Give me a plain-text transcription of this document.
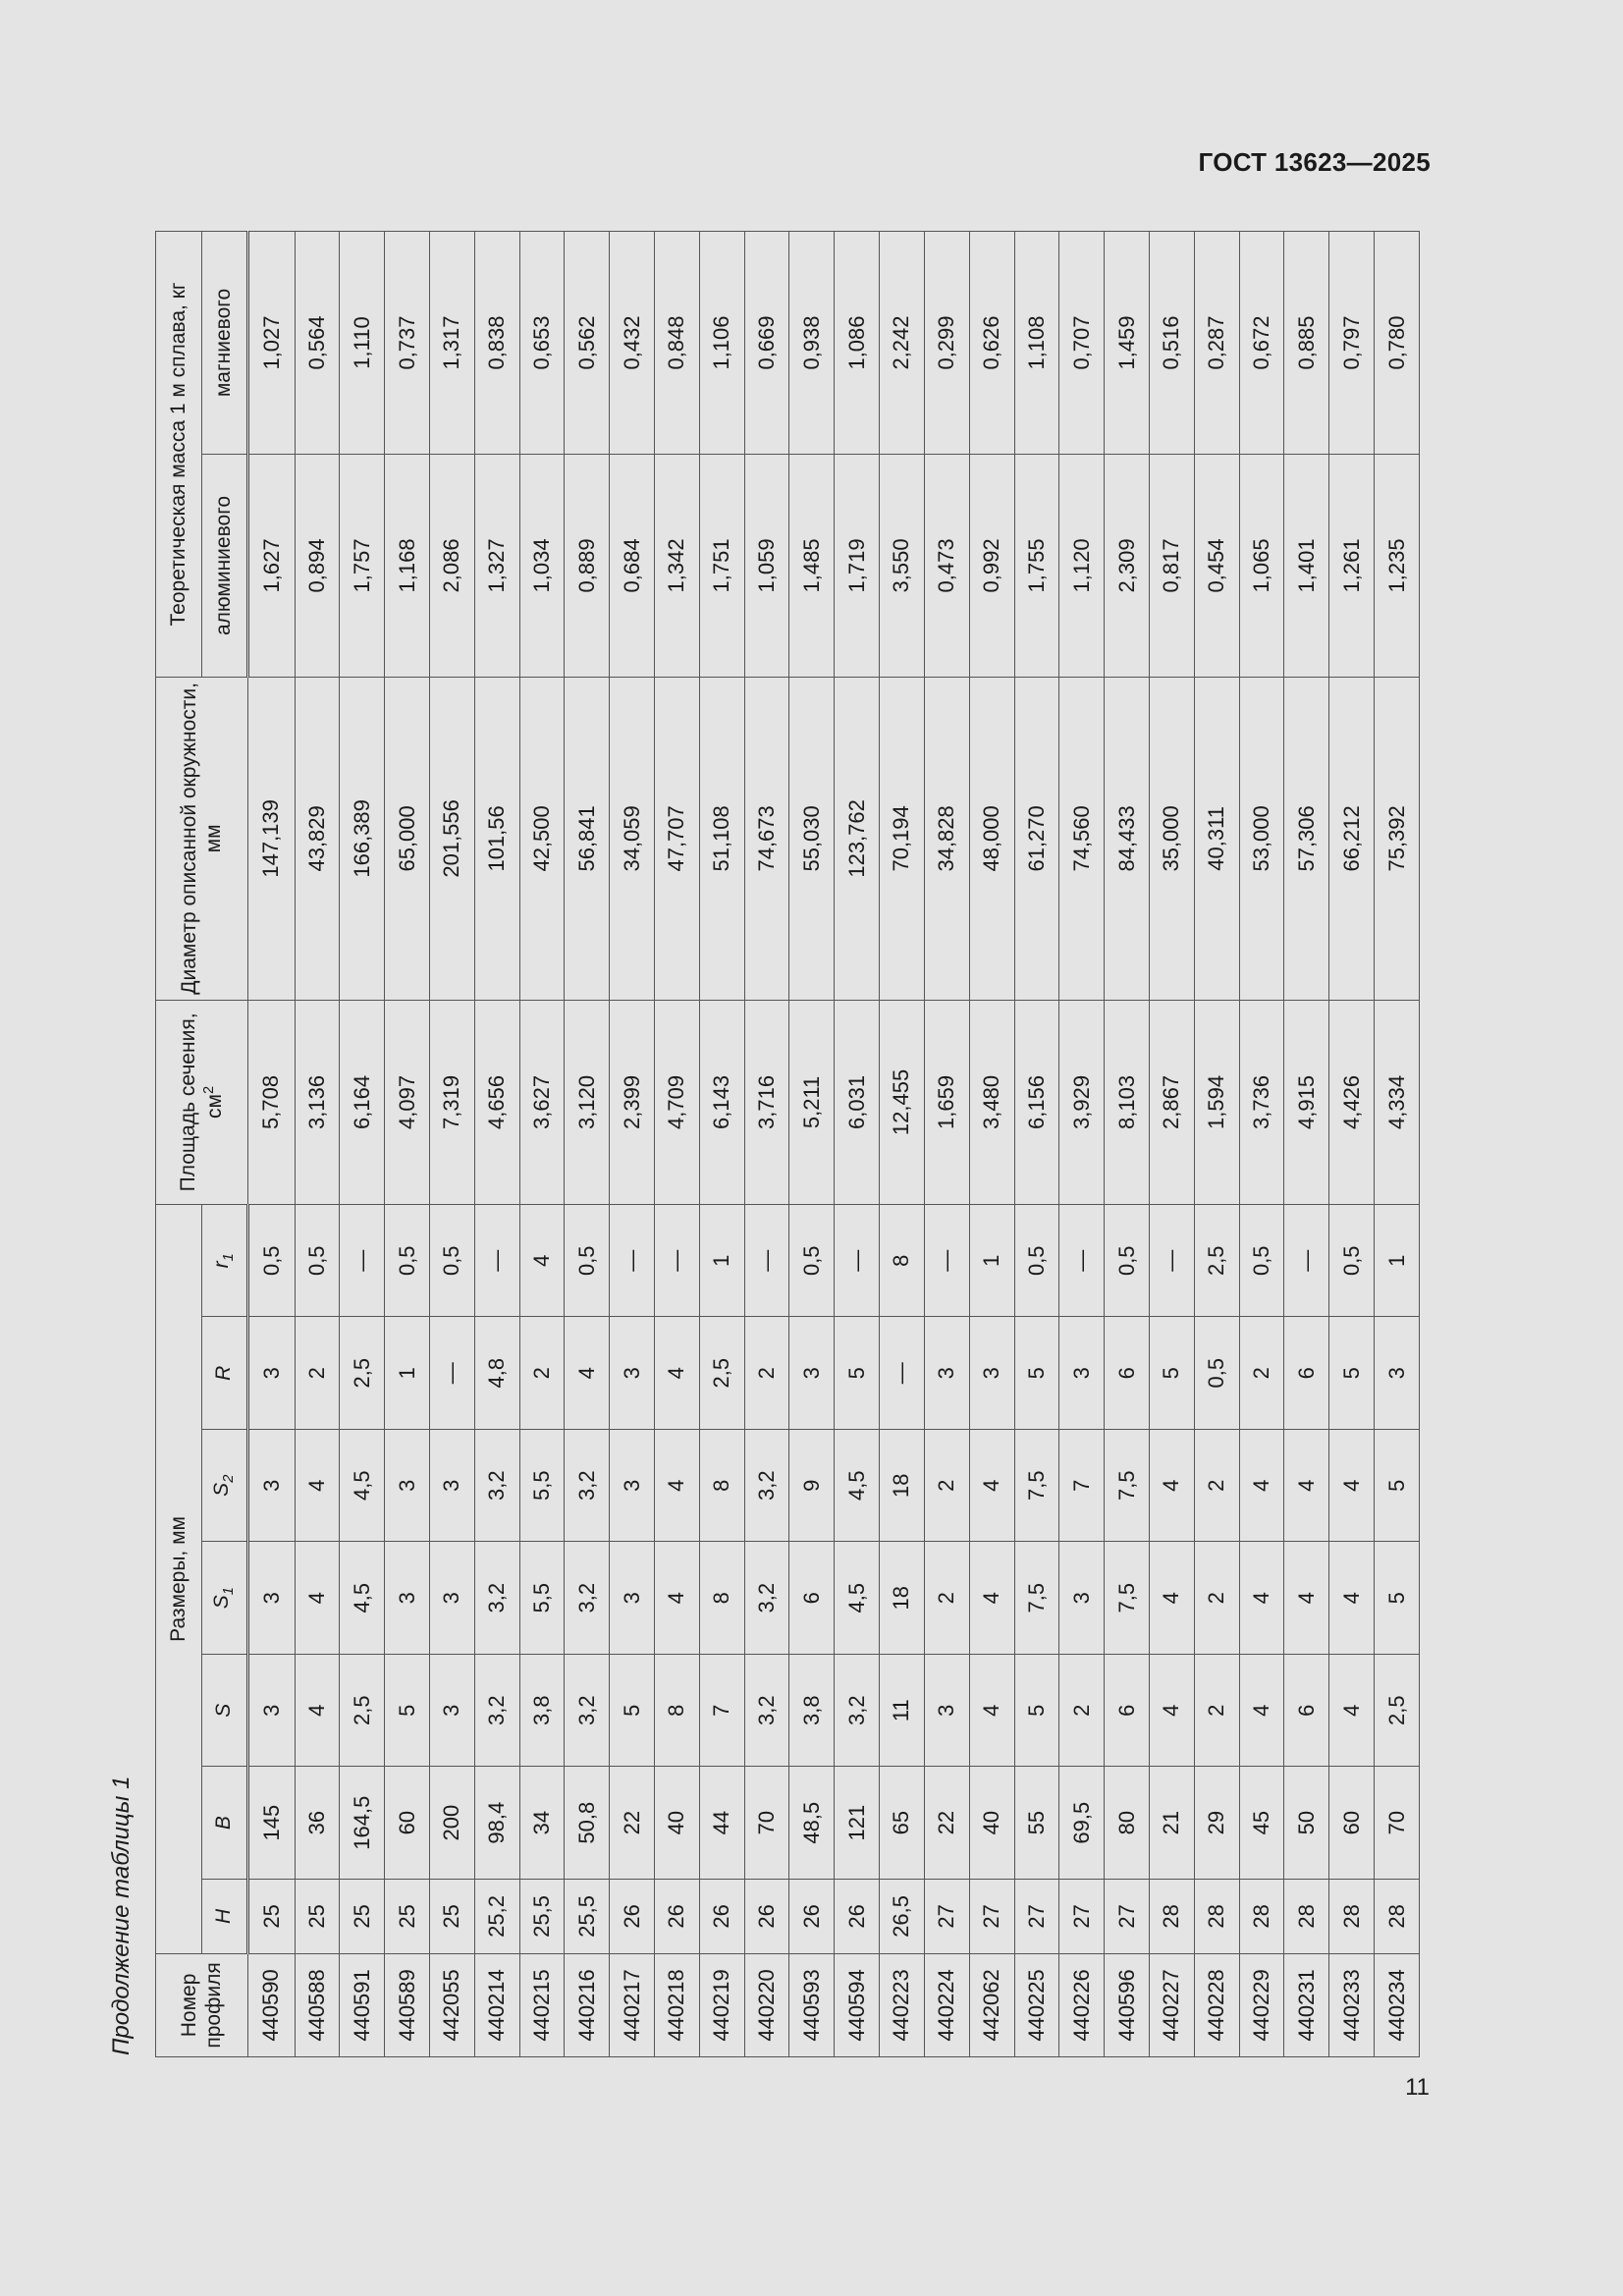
ГОСТ 13623—2025
Продолжение таблицы 1 Номер профиля	Размеры, мм							Площадь сечения, $см^2$	Диаметр описанной окружности, мм	Теоретическая масса 1 м сплава, кг	
	H	B	S	$S_1$	$S_2$	R	$r_1$			алюминиевого	магниевого
440590	25	145	3	3	3	3	0,5	5,708	147,139	1,627	1,027
440588	25	36	4	4	4	2	0,5	3,136	43,829	0,894	0,564
440591	25	164,5	2,5	4,5	4,5	2,5	—	6,164	166,389	1,757	1,110
440589	25	60	5	3	3	1	0,5	4,097	65,000	1,168	0,737
442055	25	200	3	3	3	—	0,5	7,319	201,556	2,086	1,317
440214	25,2	98,4	3,2	3,2	3,2	4,8	—	4,656	101,56	1,327	0,838
440215	25,5	34	3,8	5,5	5,5	2	4	3,627	42,500	1,034	0,653
440216	25,5	50,8	3,2	3,2	3,2	4	0,5	3,120	56,841	0,889	0,562
440217	26	22	5	3	3	3	—	2,399	34,059	0,684	0,432
440218	26	40	8	4	4	4	—	4,709	47,707	1,342	0,848
440219	26	44	7	8	8	2,5	1	6,143	51,108	1,751	1,106
440220	26	70	3,2	3,2	3,2	2	—	3,716	74,673	1,059	0,669
440593	26	48,5	3,8	6	9	3	0,5	5,211	55,030	1,485	0,938
440594	26	121	3,2	4,5	4,5	5	—	6,031	123,762	1,719	1,086
440223	26,5	65	11	18	18	—	8	12,455	70,194	3,550	2,242
440224	27	22	3	2	2	3	—	1,659	34,828	0,473	0,299
442062	27	40	4	4	4	3	1	3,480	48,000	0,992	0,626
440225	27	55	5	7,5	7,5	5	0,5	6,156	61,270	1,755	1,108
440226	27	69,5	2	3	7	3	—	3,929	74,560	1,120	0,707
440596	27	80	6	7,5	7,5	6	0,5	8,103	84,433	2,309	1,459
440227	28	21	4	4	4	5	—	2,867	35,000	0,817	0,516
440228	28	29	2	2	2	0,5	2,5	1,594	40,311	0,454	0,287
440229	28	45	4	4	4	2	0,5	3,736	53,000	1,065	0,672
440231	28	50	6	4	4	6	—	4,915	57,306	1,401	0,885
440233	28	60	4	4	4	5	0,5	4,426	66,212	1,261	0,797
440234	28	70	2,5	5	5	3	1	4,334	75,392	1,235	0,780
11
